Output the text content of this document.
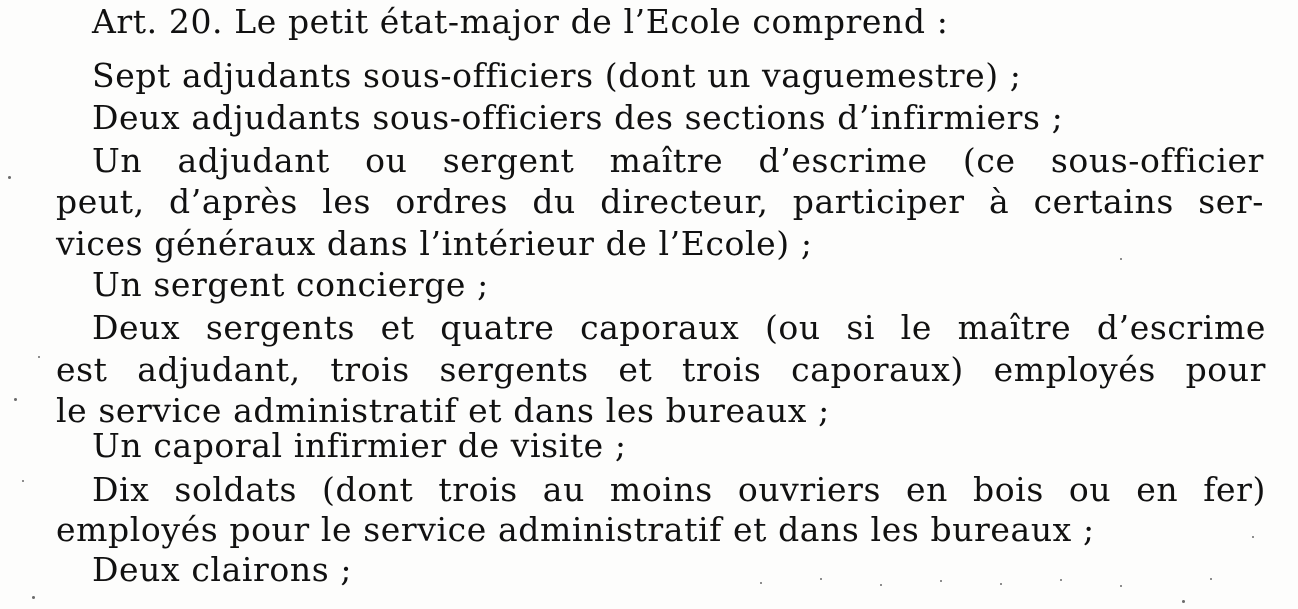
Art. 20. Le petit état-major de l’Ecole comprend :
Sept adjudants sous-officiers (dont un vaguemestre) ;
Deux adjudants sous-officiers des sections d’infirmiers ;
Un adjudant ou sergent maître d’escrime (ce sous-officier
peut, d’après les ordres du directeur, participer à certains ser-
vices généraux dans l’intérieur de l’Ecole) ;
Un sergent concierge ;
Deux sergents et quatre caporaux (ou si le maître d’escrime
est adjudant, trois sergents et trois caporaux) employés pour
le service administratif et dans les bureaux ;
Un caporal infirmier de visite ;
Dix soldats (dont trois au moins ouvriers en bois ou en fer)
employés pour le service administratif et dans les bureaux ;
Deux clairons ;
